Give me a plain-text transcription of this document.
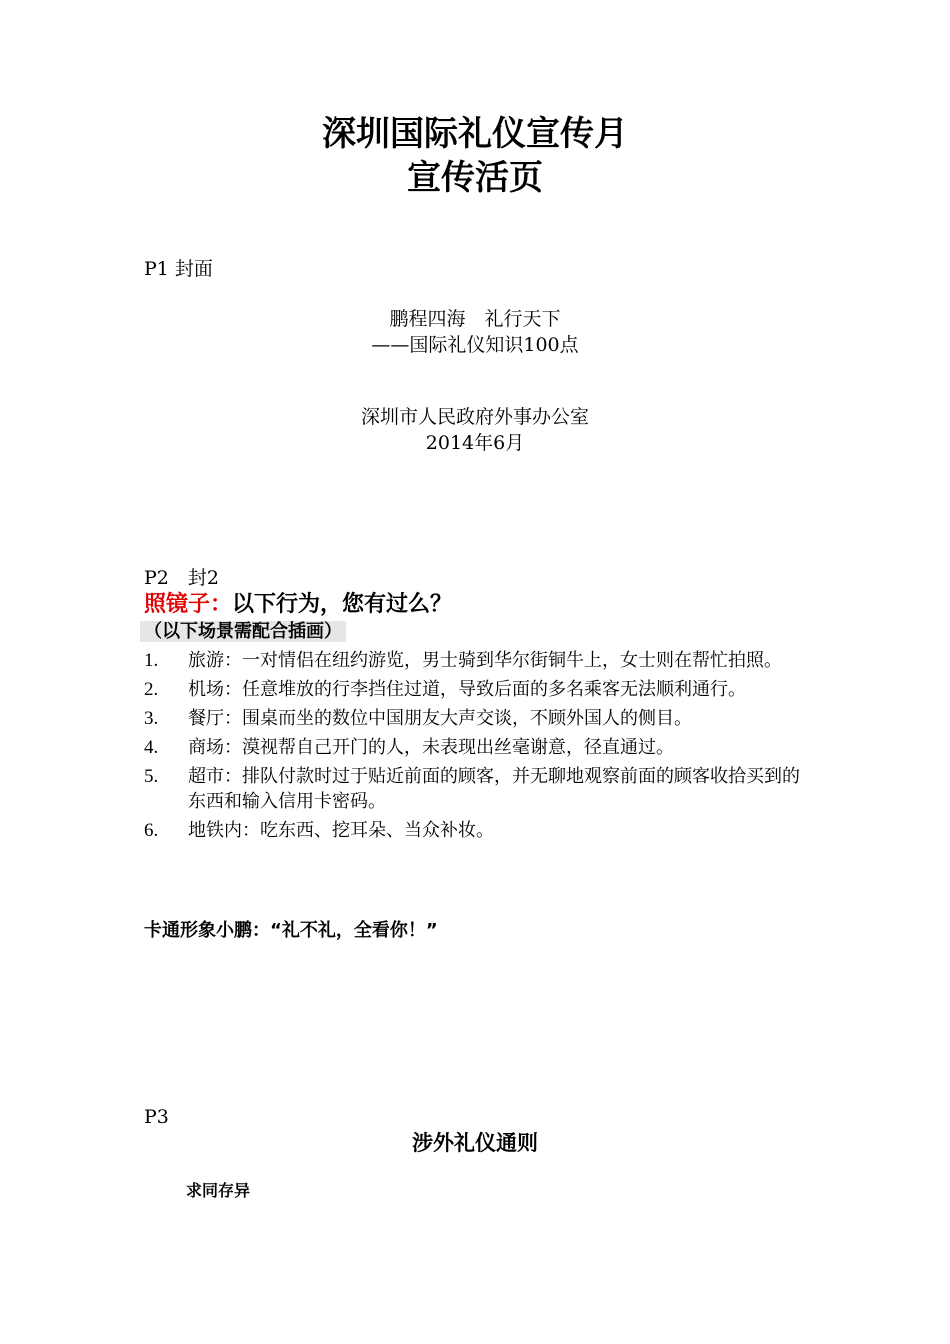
深圳国际礼仪宣传月
宣传活页
P1 封面
鹏程四海　礼行天下
——国际礼仪知识100点
深圳市人民政府外事办公室
2014年6月
P2　封2
照镜子：以下行为，您有过么？
（以下场景需配合插画）
1. 旅游：一对情侣在纽约游览，男士骑到华尔街铜牛上，女士则在帮忙拍照。
2. 机场：任意堆放的行李挡住过道，导致后面的多名乘客无法顺利通行。
3. 餐厅：围桌而坐的数位中国朋友大声交谈，不顾外国人的侧目。
4. 商场：漠视帮自己开门的人，未表现出丝毫谢意，径直通过。
5. 超市：排队付款时过于贴近前面的顾客，并无聊地观察前面的顾客收拾买到的东西和输入信用卡密码。
6. 地铁内：吃东西、挖耳朵、当众补妆。
卡通形象小鹏：“礼不礼，全看你！”
P3
涉外礼仪通则
求同存异
